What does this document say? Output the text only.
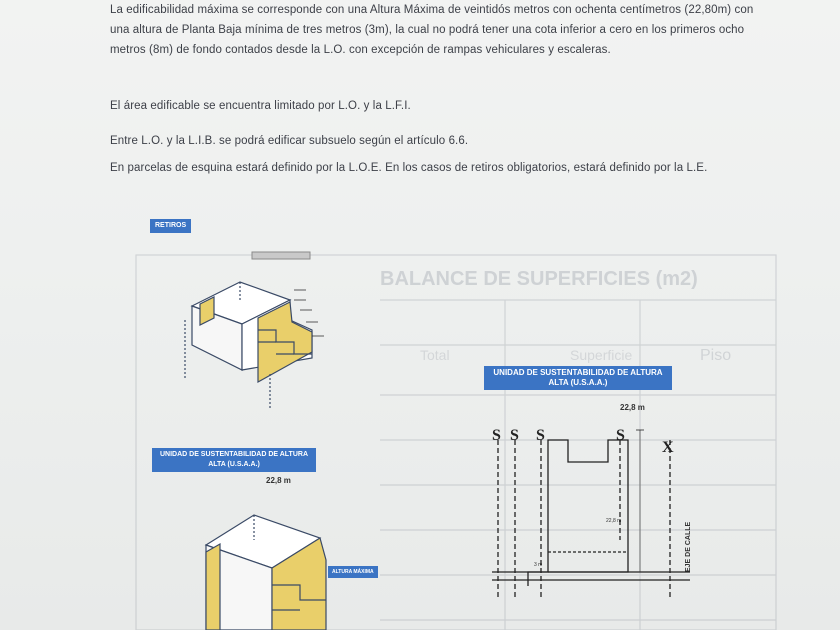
La edificabilidad máxima se corresponde con una Altura Máxima de veintidós metros con ochenta centímetros (22,80m) con una altura de Planta Baja mínima de tres metros (3m), la cual no podrá tener una cota inferior a cero en los primeros ocho metros (8m) de fondo contados desde la L.O. con excepción de rampas vehiculares y escaleras.

El área edificable se encuentra limitado por L.O. y la L.F.I.

Entre L.O. y la L.I.B. se podrá edificar subsuelo según el artículo 6.6.

En parcelas de esquina estará definido por la L.O.E. En los casos de retiros obligatorios, estará definido por la L.E.

BALANCE DE SUPERFICIES (m2)
Piso
Superficie
Total
S S S	S
X
22,8 m
3 m	EJE DE CALLE
RETIROS
UNIDAD DE SUSTENTABILIDAD DE ALTURA ALTA (U.S.A.A.)
22,8 m
UNIDAD DE SUSTENTABILIDAD DE ALTURA ALTA (U.S.A.A.)
22,8 m
ALTURA MÁXIMA
